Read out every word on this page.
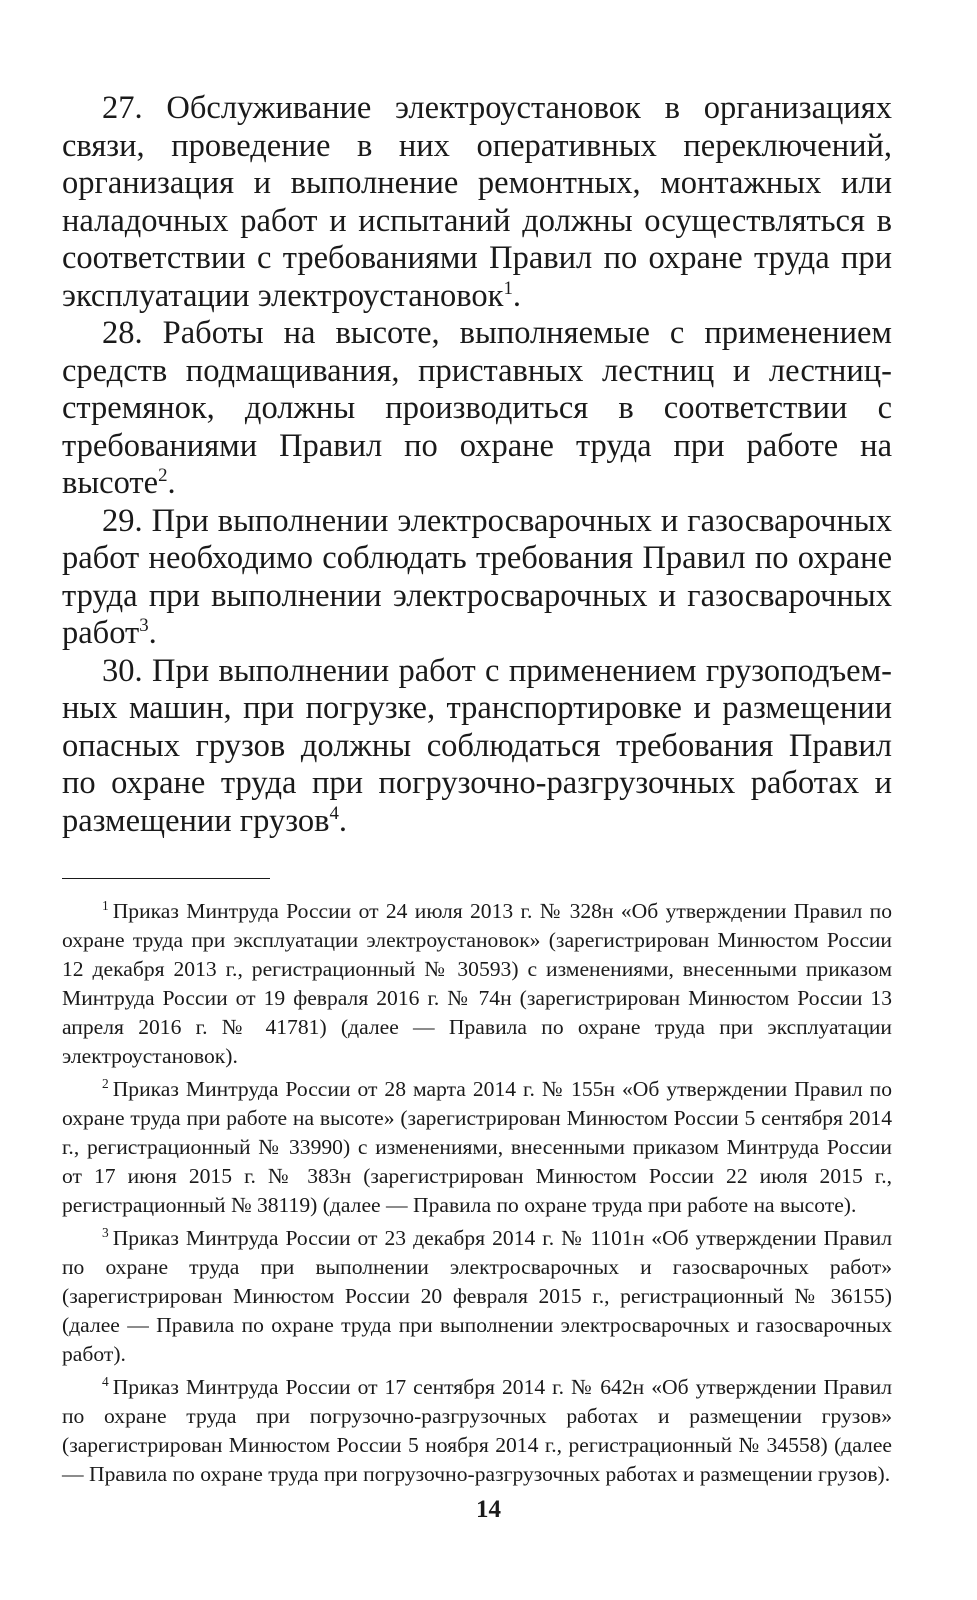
27. Обслуживание электроустановок в организациях связи, проведение в них оперативных переключений, организация и выполнение ремонтных, монтажных или наладочных работ и испытаний должны осуществляться в соответствии с требованиями Правил по охране труда при эксплуатации электроустановок$^1$.

28. Работы на высоте, выполняемые с применением средств подмащивания, приставных лестниц и лестниц-стремянок, должны производиться в соответствии с требованиями Правил по охране труда при работе на высоте$^2$.

29. При выполнении электросварочных и газосварочных работ необходимо соблюдать требования Правил по охране труда при выполнении электросварочных и газосварочных работ$^3$.

30. При выполнении работ с применением грузоподъемных машин, при погрузке, транспортировке и размещении опасных грузов должны соблюдаться требования Правил по охране труда при погрузочно-разгрузочных работах и размещении грузов$^4$.

$^1$ Приказ Минтруда России от 24 июля 2013 г. № 328н «Об утверждении Правил по охране труда при эксплуатации электроустановок» (зарегистрирован Минюстом России 12 декабря 2013 г., регистрационный № 30593) с изменениями, внесенными приказом Минтруда России от 19 февраля 2016 г. № 74н (зарегистрирован Минюстом России 13 апреля 2016 г. № 41781) (далее — Правила по охране труда при эксплуатации электроустановок).

$^2$ Приказ Минтруда России от 28 марта 2014 г. № 155н «Об утверждении Правил по охране труда при работе на высоте» (зарегистрирован Минюстом России 5 сентября 2014 г., регистрационный № 33990) с изменениями, внесенными приказом Минтруда России от 17 июня 2015 г. № 383н (зарегистрирован Минюстом России 22 июля 2015 г., регистрационный № 38119) (далее — Правила по охране труда при работе на высоте).

$^3$ Приказ Минтруда России от 23 декабря 2014 г. № 1101н «Об утверждении Правил по охране труда при выполнении электросварочных и газосварочных работ» (зарегистрирован Минюстом России 20 февраля 2015 г., регистрационный № 36155) (далее — Правила по охране труда при выполнении электросварочных и газосварочных работ).

$^4$ Приказ Минтруда России от 17 сентября 2014 г. № 642н «Об утверждении Правил по охране труда при погрузочно-разгрузочных работах и размещении грузов» (зарегистрирован Минюстом России 5 ноября 2014 г., регистрационный № 34558) (далее — Правила по охране труда при погрузочно-разгрузочных работах и размещении грузов).

14
